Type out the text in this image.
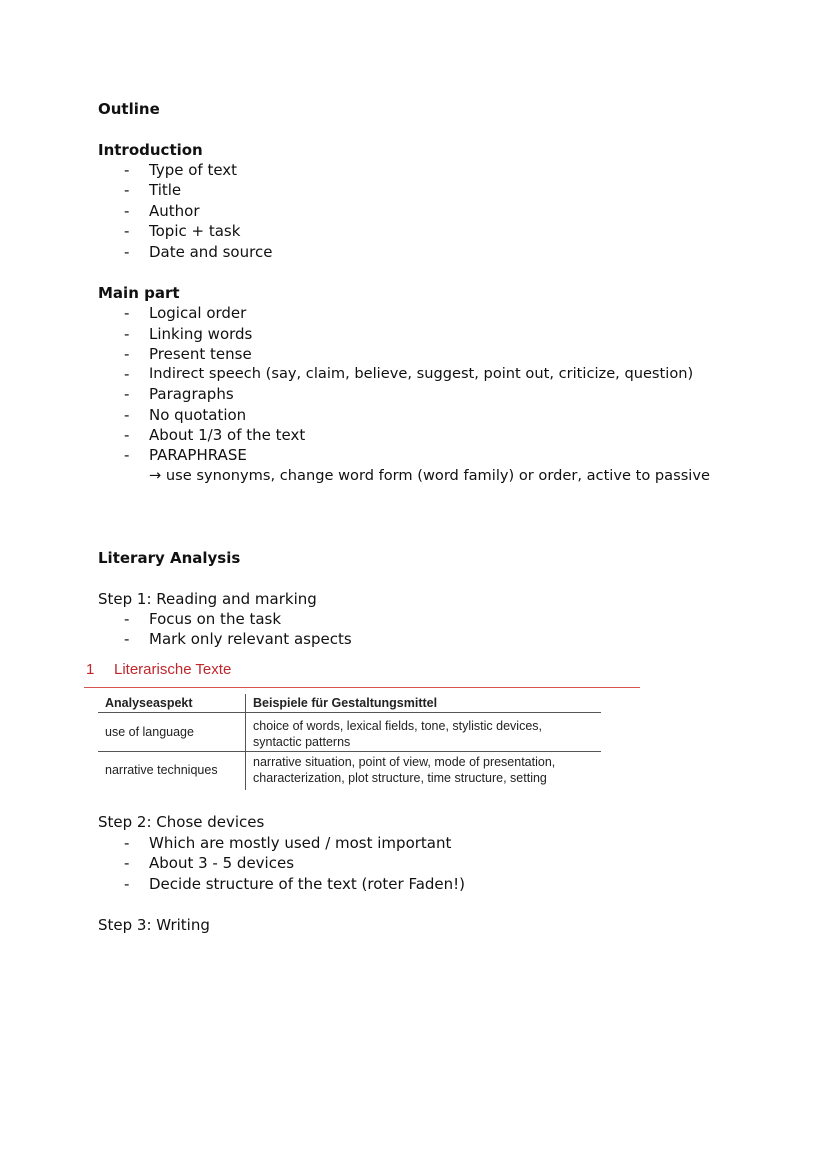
Outline
Introduction
- Type of text
- Title
- Author
- Topic + task
- Date and source
Main part
- Logical order
- Linking words
- Present tense
- Indirect speech (say, claim, believe, suggest, point out, criticize, question)
- Paragraphs
- No quotation
- About 1/3 of the text
- PARAPHRASE
→ use synonyms, change word form (word family) or order, active to passive
Literary Analysis
Step 1: Reading and marking
- Focus on the task
- Mark only relevant aspects
1 Literarische Texte
Analyseaspekt	Beispiele für Gestaltungsmittel
use of language	choice of words, lexical fields, tone, stylistic devices,
syntactic patterns
narrative techniques
narrative situation, point of view, mode of presentation,
characterization, plot structure, time structure, setting
Step 2: Chose devices
- Which are mostly used / most important
- About 3 - 5 devices
- Decide structure of the text (roter Faden!)
Step 3: Writing
